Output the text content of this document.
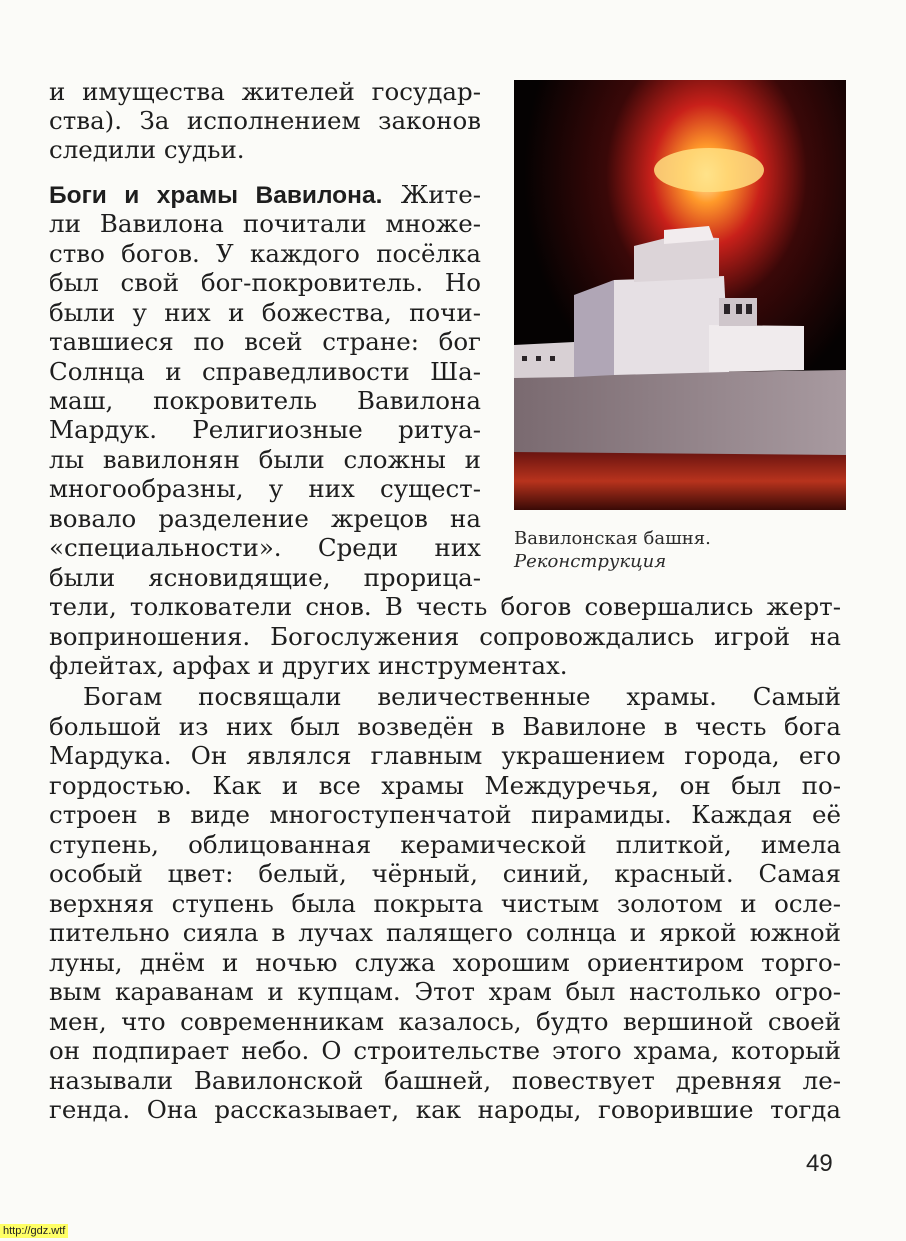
и имущества жителей государ-

ства). За исполнением законов

следили судьи.

Боги и храмы Вавилона. Жите-

ли Вавилона почитали множе-

ство богов. У каждого посёлка

был свой бог-покровитель. Но

были у них и божества, почи-

тавшиеся по всей стране: бог

Солнца и справедливости Ша-

маш, покровитель Вавилона

Мардук. Религиозные ритуа-

лы вавилонян были сложны и

многообразны, у них сущест-

вовало разделение жрецов на

«специальности». Среди них

были ясновидящие, прорица-

тели, толкователи снов. В честь богов совершались жерт-

воприношения. Богослужения сопровождались игрой на

флейтах, арфах и других инструментах.

Богам посвящали величественные храмы. Самый

большой из них был возведён в Вавилоне в честь бога

Мардука. Он являлся главным украшением города, его

гордостью. Как и все храмы Междуречья, он был по-

строен в виде многоступенчатой пирамиды. Каждая её

ступень, облицованная керамической плиткой, имела

особый цвет: белый, чёрный, синий, красный. Самая

верхняя ступень была покрыта чистым золотом и осле-

пительно сияла в лучах палящего солнца и яркой южной

луны, днём и ночью служа хорошим ориентиром торго-

вым караванам и купцам. Этот храм был настолько огро-

мен, что современникам казалось, будто вершиной своей

он подпирает небо. О строительстве этого храма, который

называли Вавилонской башней, повествует древняя ле-

генда. Она рассказывает, как народы, говорившие тогда

Вавилонская башня.
Реконструкция
49
http://gdz.wtf
